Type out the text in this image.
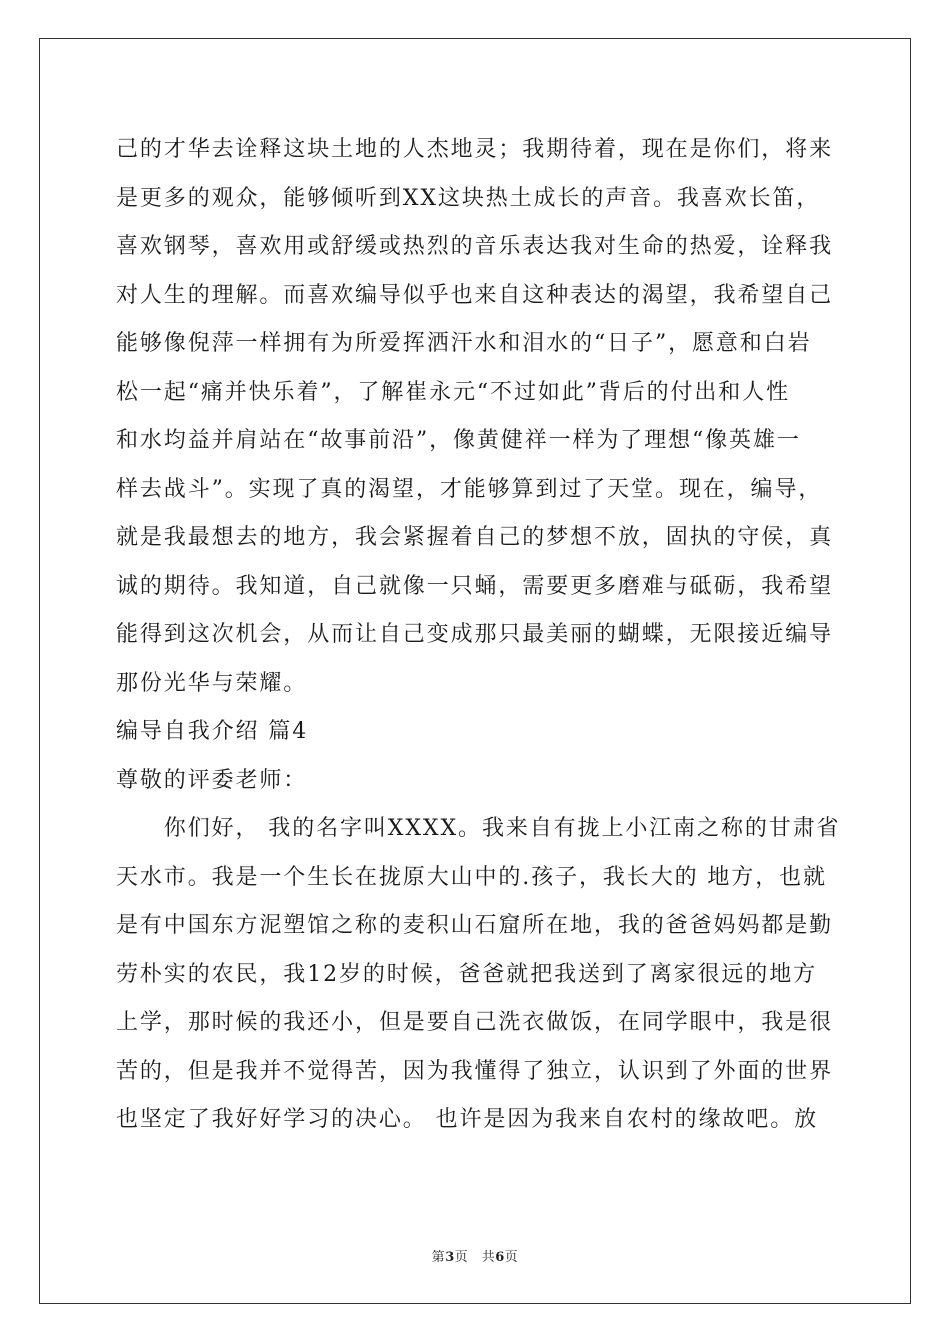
己的才华去诠释这块土地的人杰地灵；我期待着，现在是你们，将来
是更多的观众，能够倾听到XX这块热土成长的声音。我喜欢长笛，
喜欢钢琴，喜欢用或舒缓或热烈的音乐表达我对生命的热爱，诠释我
对人生的理解。而喜欢编导似乎也来自这种表达的渴望，我希望自己
能够像倪萍一样拥有为所爱挥洒汗水和泪水的“日子”，愿意和白岩
松一起“痛并快乐着”，了解崔永元“不过如此”背后的付出和人性
和水均益并肩站在“故事前沿”，像黄健祥一样为了理想“像英雄一
样去战斗”。实现了真的渴望，才能够算到过了天堂。现在，编导，
就是我最想去的地方，我会紧握着自己的梦想不放，固执的守侯，真
诚的期待。我知道，自己就像一只蛹，需要更多磨难与砥砺，我希望
能得到这次机会，从而让自己变成那只最美丽的蝴蝶，无限接近编导
那份光华与荣耀。
编导自我介绍 篇4
尊敬的评委老师：
　　你们好， 我的名字叫XXXX。我来自有拢上小江南之称的甘肃省
天水市。我是一个生长在拢原大山中的.孩子，我长大的 地方，也就
是有中国东方泥塑馆之称的麦积山石窟所在地，我的爸爸妈妈都是勤
劳朴实的农民，我12岁的时候，爸爸就把我送到了离家很远的地方
上学，那时候的我还小，但是要自己洗衣做饭，在同学眼中，我是很
苦的，但是我并不觉得苦，因为我懂得了独立，认识到了外面的世界
也坚定了我好好学习的决心。 也许是因为我来自农村的缘故吧。放
第3页　共6页
